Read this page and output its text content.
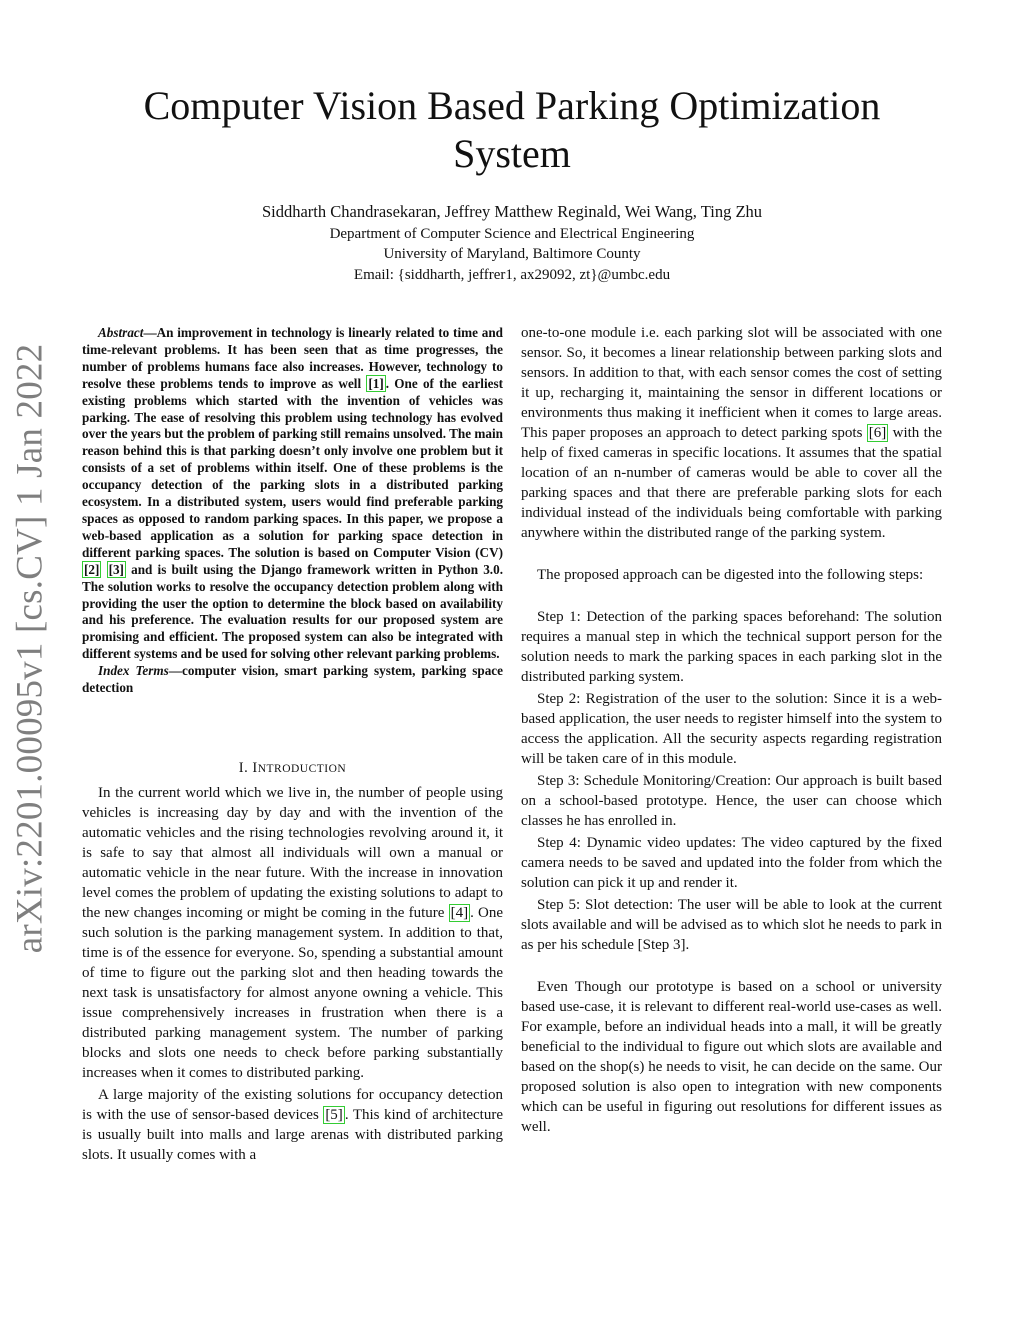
arXiv:2201.00095v1 [cs.CV] 1 Jan 2022
Computer Vision Based Parking Optimization
System
Siddharth Chandrasekaran, Jeffrey Matthew Reginald, Wei Wang, Ting Zhu
Department of Computer Science and Electrical Engineering
University of Maryland, Baltimore County
Email: {siddharth, jeffrer1, ax29092, zt}@umbc.edu

Abstract—An improvement in technology is linearly related to time and time-relevant problems. It has been seen that as time progresses, the number of problems humans face also increases. However, technology to resolve these problems tends to improve as well [1] . One of the earliest existing problems which started with the invention of vehicles was parking. The ease of resolving this problem using technology has evolved over the years but the problem of parking still remains unsolved. The main reason behind this is that parking doesn’t only involve one problem but it consists of a set of problems within itself. One of these problems is the occupancy detection of the parking slots in a distributed parking ecosystem. In a distributed system, users would find preferable parking spaces as opposed to random parking spaces. In this paper, we propose a web-based application as a solution for parking space detection in different parking spaces. The solution is based on Computer Vision (CV) [2] [3] and is built using the Django framework written in Python 3.0. The solution works to resolve the occupancy detection problem along with providing the user the option to determine the block based on availability and his preference. The evaluation results for our proposed system are promising and efficient. The proposed system can also be integrated with different systems and be used for solving other relevant parking problems.

Index Terms—computer vision, smart parking system, parking space detection

I. INTRODUCTION

In the current world which we live in, the number of people using vehicles is increasing day by day and with the invention of the automatic vehicles and the rising technologies revolving around it, it is safe to say that almost all individuals will own a manual or automatic vehicle in the near future. With the increase in innovation level comes the problem of updating the existing solutions to adapt to the new changes incoming or might be coming in the future [4] . One such solution is the parking management system. In addition to that, time is of the essence for everyone. So, spending a substantial amount of time to figure out the parking slot and then heading towards the next task is unsatisfactory for almost anyone owning a vehicle. This issue comprehensively increases in frustration when there is a distributed parking management system. The number of parking blocks and slots one needs to check before parking substantially increases when it comes to distributed parking.

A large majority of the existing solutions for occupancy detection is with the use of sensor-based devices [5] . This kind of architecture is usually built into malls and large arenas with distributed parking slots. It usually comes with a

one-to-one module i.e. each parking slot will be associated with one sensor. So, it becomes a linear relationship between parking slots and sensors. In addition to that, with each sensor comes the cost of setting it up, recharging it, maintaining the sensor in different locations or environments thus making it inefficient when it comes to large areas. This paper proposes an approach to detect parking spots [6] with the help of fixed cameras in specific locations. It assumes that the spatial location of an n-number of cameras would be able to cover all the parking spaces and that there are preferable parking slots for each individual instead of the individuals being comfortable with parking anywhere within the distributed range of the parking system.

The proposed approach can be digested into the following steps:

Step 1: Detection of the parking spaces beforehand: The solution requires a manual step in which the technical support person for the solution needs to mark the parking spaces in each parking slot in the distributed parking system.

Step 2: Registration of the user to the solution: Since it is a web-based application, the user needs to register himself into the system to access the application. All the security aspects regarding registration will be taken care of in this module.

Step 3: Schedule Monitoring/Creation: Our approach is built based on a school-based prototype. Hence, the user can choose which classes he has enrolled in.

Step 4: Dynamic video updates: The video captured by the fixed camera needs to be saved and updated into the folder from which the solution can pick it up and render it.

Step 5: Slot detection: The user will be able to look at the current slots available and will be advised as to which slot he needs to park in as per his schedule [Step 3].

Even Though our prototype is based on a school or university based use-case, it is relevant to different real-world use-cases as well. For example, before an individual heads into a mall, it will be greatly beneficial to the individual to figure out which slots are available and based on the shop(s) he needs to visit, he can decide on the same. Our proposed solution is also open to integration with new components which can be useful in figuring out resolutions for different issues as well.
